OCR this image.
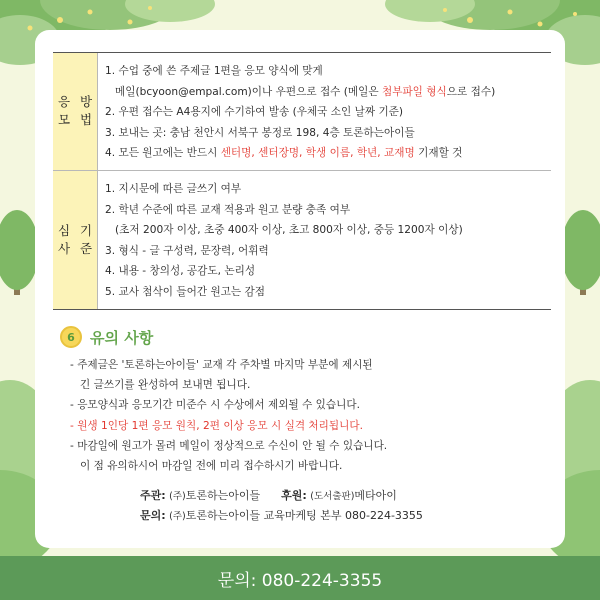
응모
방법
1. 수업 중에 쓴 주제글 1편을 응모 양식에 맞게
메일(bcyoon@empal.com)이나 우편으로 접수 (메일은 첨부파일 형식으로 접수)
2. 우편 접수는 A4용지에 수기하여 발송 (우체국 소인 날짜 기준)
3. 보내는 곳: 충남 천안시 서북구 봉정로 198, 4층 토론하는아이들
4. 모든 원고에는 반드시 센터명, 센터장명, 학생 이름, 학년, 교재명 기재할 것
심사
기준
1. 지시문에 따른 글쓰기 여부
2. 학년 수준에 따른 교재 적용과 원고 분량 충족 여부
(초저 200자 이상, 초중 400자 이상, 초고 800자 이상, 중등 1200자 이상)
3. 형식 - 글 구성력, 문장력, 어휘력
4. 내용 - 창의성, 공감도, 논리성
5. 교사 첨삭이 들어간 원고는 감점
6	유의 사항
- 주제글은 '토론하는아이들' 교재 각 주차별 마지막 부분에 제시된
긴 글쓰기를 완성하여 보내면 됩니다.
- 응모양식과 응모기간 미준수 시 수상에서 제외될 수 있습니다.
- 원생 1인당 1편 응모 원칙, 2편 이상 응모 시 실격 처리됩니다.
- 마감일에 원고가 몰려 메일이 정상적으로 수신이 안 될 수 있습니다.
이 점 유의하시어 마감일 전에 미리 접수하시기 바랍니다.
주관: (주)토론하는아이들 후원: (도서출판)메타아이
문의: (주)토론하는아이들 교육마케팅 본부 080-224-3355
문의: 080-224-3355
